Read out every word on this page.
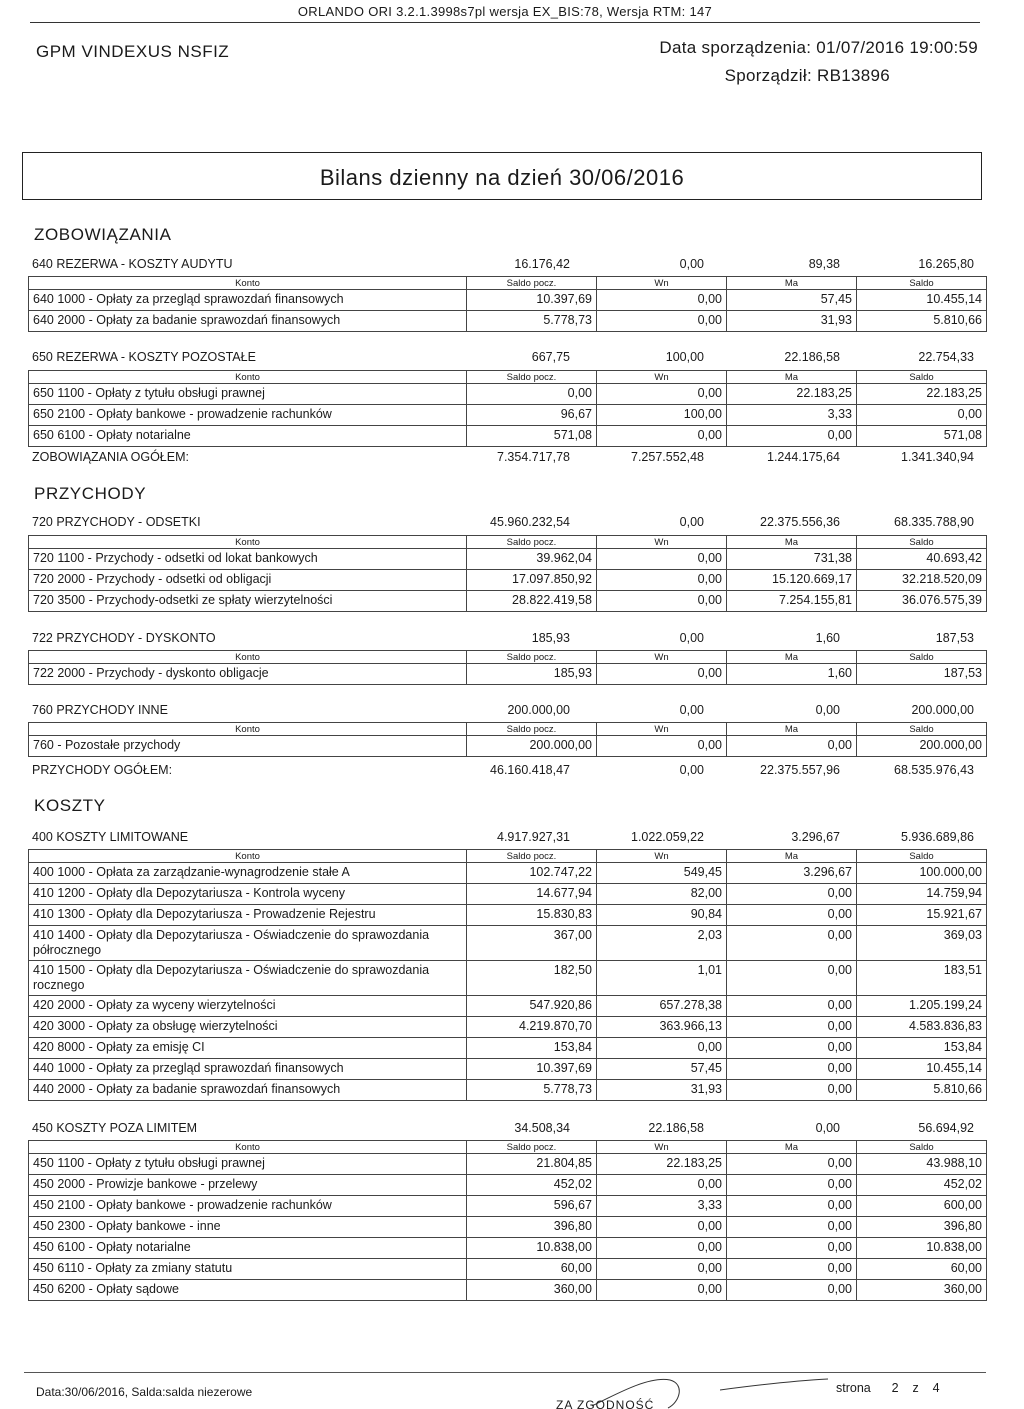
ORLANDO ORI 3.2.1.3998s7pl wersja EX_BIS:78, Wersja RTM: 147
GPM VINDEXUS NSFIZ	Data sporządzenia: 01/07/2016 19:00:59
Sporządził: RB13896
Bilans dzienny na dzień 30/06/2016
ZOBOWIĄZANIA
640 REZERWA - KOSZTY AUDYTU	16.176,42	0,00	89,38	16.265,80
Konto	Saldo pocz.	Wn	Ma	Saldo
640 1000 - Opłaty za przegląd sprawozdań finansowych	10.397,69	0,00	57,45	10.455,14
640 2000 - Opłaty za badanie sprawozdań finansowych	5.778,73	0,00	31,93	5.810,66
650 REZERWA - KOSZTY POZOSTAŁE	667,75	100,00	22.186,58	22.754,33
Konto	Saldo pocz.	Wn	Ma	Saldo
650 1100 - Opłaty z tytułu obsługi prawnej	0,00	0,00	22.183,25	22.183,25
650 2100 - Opłaty bankowe - prowadzenie rachunków	96,67	100,00	3,33	0,00
650 6100 - Opłaty notarialne	571,08	0,00	0,00	571,08
ZOBOWIĄZANIA OGÓŁEM:	7.354.717,78	7.257.552,48	1.244.175,64	1.341.340,94
PRZYCHODY
720 PRZYCHODY - ODSETKI	45.960.232,54	0,00	22.375.556,36	68.335.788,90
Konto	Saldo pocz.	Wn	Ma	Saldo
720 1100 - Przychody - odsetki od lokat bankowych	39.962,04	0,00	731,38	40.693,42
720 2000 - Przychody - odsetki od obligacji	17.097.850,92	0,00	15.120.669,17	32.218.520,09
720 3500 - Przychody-odsetki ze spłaty wierzytelności	28.822.419,58	0,00	7.254.155,81	36.076.575,39
722 PRZYCHODY - DYSKONTO	185,93	0,00	1,60	187,53
Konto	Saldo pocz.	Wn	Ma	Saldo
722 2000 - Przychody - dyskonto obligacje	185,93	0,00	1,60	187,53
760 PRZYCHODY INNE	200.000,00	0,00	0,00	200.000,00
Konto	Saldo pocz.	Wn	Ma	Saldo
760 - Pozostałe przychody	200.000,00	0,00	0,00	200.000,00
PRZYCHODY OGÓŁEM:	46.160.418,47	0,00	22.375.557,96	68.535.976,43
KOSZTY
400 KOSZTY LIMITOWANE	4.917.927,31	1.022.059,22	3.296,67	5.936.689,86
Konto	Saldo pocz.	Wn	Ma	Saldo
400 1000 - Opłata za zarządzanie-wynagrodzenie stałe A	102.747,22	549,45	3.296,67	100.000,00
410 1200 - Opłaty dla Depozytariusza - Kontrola wyceny	14.677,94	82,00	0,00	14.759,94
410 1300 - Opłaty dla Depozytariusza - Prowadzenie Rejestru	15.830,83	90,84	0,00	15.921,67
410 1400 - Opłaty dla Depozytariusza - Oświadczenie do sprawozdania półrocznego	367,00	2,03	0,00	369,03
410 1500 - Opłaty dla Depozytariusza - Oświadczenie do sprawozdania rocznego	182,50	1,01	0,00	183,51
420 2000 - Opłaty za wyceny wierzytelności	547.920,86	657.278,38	0,00	1.205.199,24
420 3000 - Opłaty za obsługę wierzytelności	4.219.870,70	363.966,13	0,00	4.583.836,83
420 8000 - Opłaty za emisję CI	153,84	0,00	0,00	153,84
440 1000 - Opłaty za przegląd sprawozdań finansowych	10.397,69	57,45	0,00	10.455,14
440 2000 - Opłaty za badanie sprawozdań finansowych	5.778,73	31,93	0,00	5.810,66
450 KOSZTY POZA LIMITEM	34.508,34	22.186,58	0,00	56.694,92
Konto	Saldo pocz.	Wn	Ma	Saldo
450 1100 - Opłaty z tytułu obsługi prawnej	21.804,85	22.183,25	0,00	43.988,10
450 2000 - Prowizje bankowe - przelewy	452,02	0,00	0,00	452,02
450 2100 - Opłaty bankowe - prowadzenie rachunków	596,67	3,33	0,00	600,00
450 2300 - Opłaty bankowe - inne	396,80	0,00	0,00	396,80
450 6100 - Opłaty notarialne	10.838,00	0,00	0,00	10.838,00
450 6110 - Opłaty za zmiany statutu	60,00	0,00	0,00	60,00
450 6200 - Opłaty sądowe	360,00	0,00	0,00	360,00
Data:30/06/2016, Salda:salda niezerowe
ZA ZGODNOŚĆ
strona 2 z 4
